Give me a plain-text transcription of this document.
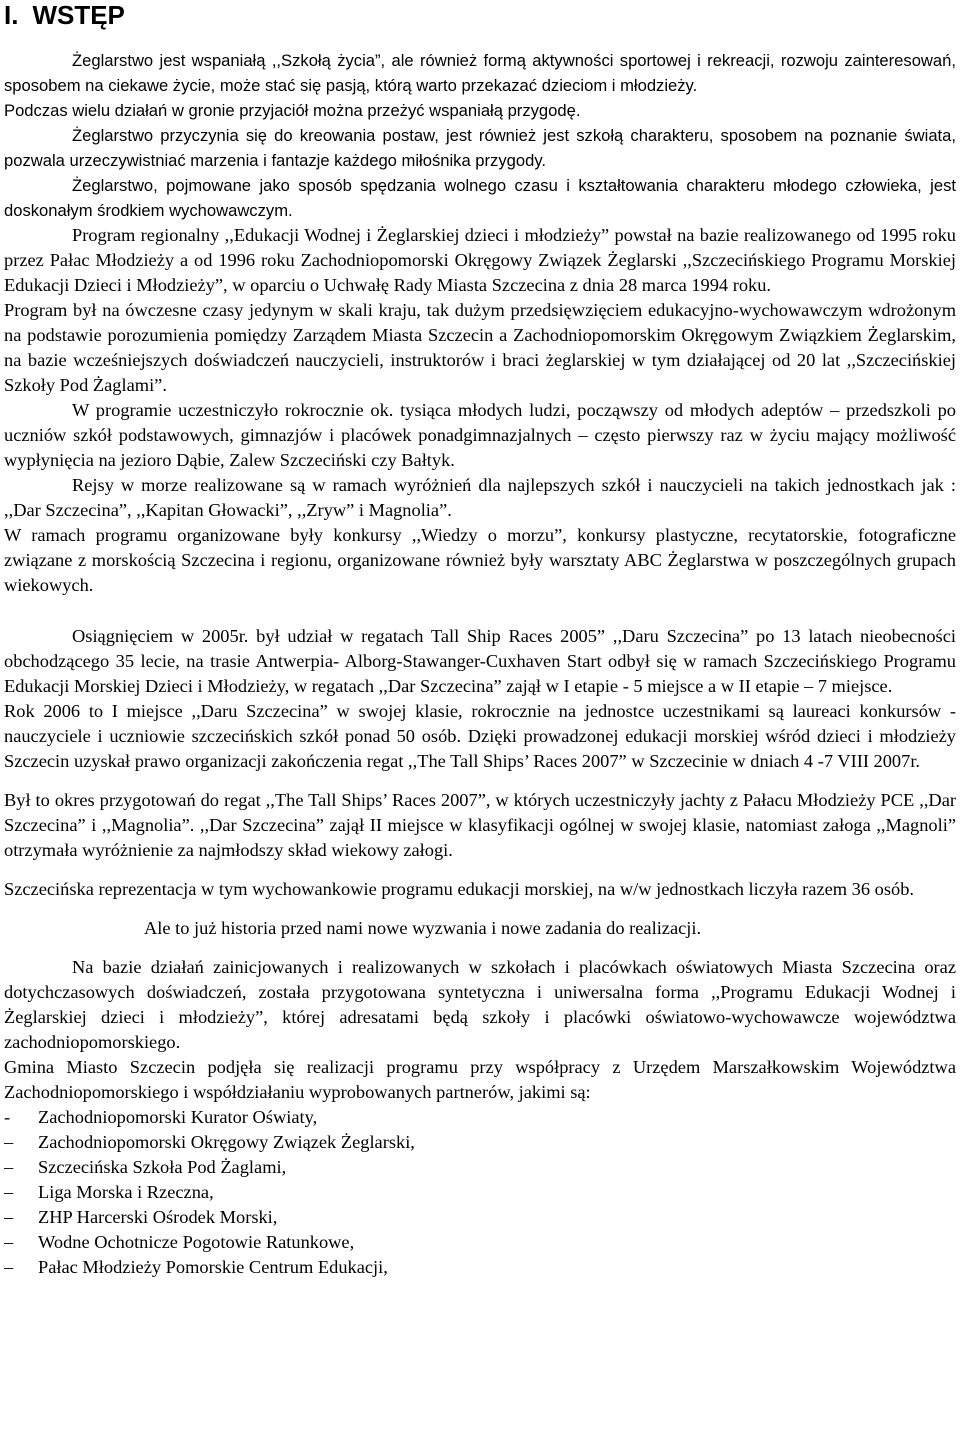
I. WSTĘP

Żeglarstwo jest wspaniałą ,,Szkołą życia”, ale również formą aktywności sportowej i rekreacji, rozwoju zainteresowań, sposobem na ciekawe życie, może stać się pasją, którą warto przekazać dzieciom i młodzieży.

Podczas wielu działań w gronie przyjaciół można przeżyć wspaniałą przygodę.

Żeglarstwo przyczynia się do kreowania postaw, jest również jest szkołą charakteru, sposobem na poznanie świata, pozwala urzeczywistniać marzenia i fantazje każdego miłośnika przygody.

Żeglarstwo, pojmowane jako sposób spędzania wolnego czasu i kształtowania charakteru młodego człowieka, jest doskonałym środkiem wychowawczym.

Program regionalny ,,Edukacji Wodnej i Żeglarskiej dzieci i młodzieży” powstał na bazie realizowanego od 1995 roku przez Pałac Młodzieży a od 1996 roku Zachodniopomorski Okręgowy Związek Żeglarski ,,Szczecińskiego Programu Morskiej Edukacji Dzieci i Młodzieży”, w oparciu o Uchwałę Rady Miasta Szczecina z dnia 28 marca 1994 roku.

Program był na ówczesne czasy jedynym w skali kraju, tak dużym przedsięwzięciem edukacyjno-wychowawczym wdrożonym na podstawie porozumienia pomiędzy Zarządem Miasta Szczecin a Zachodniopomorskim Okręgowym Związkiem Żeglarskim, na bazie wcześniejszych doświadczeń nauczycieli, instruktorów i braci żeglarskiej w tym działającej od 20 lat ,,Szczecińskiej Szkoły Pod Żaglami”.

W programie uczestniczyło rokrocznie ok. tysiąca młodych ludzi, począwszy od młodych adeptów – przedszkoli po uczniów szkół podstawowych, gimnazjów i placówek ponadgimnazjalnych – często pierwszy raz w życiu mający możliwość wypłynięcia na jezioro Dąbie, Zalew Szczeciński czy Bałtyk.

Rejsy w morze realizowane są w ramach wyróżnień dla najlepszych szkół i nauczycieli na takich jednostkach jak : ,,Dar Szczecina”, ,,Kapitan Głowacki”, ,,Zryw” i Magnolia”.

W ramach programu organizowane były konkursy ,,Wiedzy o morzu”, konkursy plastyczne, recytatorskie, fotograficzne związane z morskością Szczecina i regionu, organizowane również były warsztaty ABC Żeglarstwa w poszczególnych grupach wiekowych.

Osiągnięciem w 2005r. był udział w regatach Tall Ship Races 2005” ,,Daru Szczecina” po 13 latach nieobecności obchodzącego 35 lecie, na trasie Antwerpia- Alborg-Stawanger-Cuxhaven Start odbył się w ramach Szczecińskiego Programu Edukacji Morskiej Dzieci i Młodzieży, w regatach ,,Dar Szczecina” zajął w I etapie - 5 miejsce a w II etapie – 7 miejsce.

Rok 2006 to I miejsce ,,Daru Szczecina” w swojej klasie, rokrocznie na jednostce uczestnikami są laureaci konkursów - nauczyciele i uczniowie szczecińskich szkół ponad 50 osób. Dzięki prowadzonej edukacji morskiej wśród dzieci i młodzieży Szczecin uzyskał prawo organizacji zakończenia regat ,,The Tall Ships’ Races 2007” w Szczecinie w dniach 4 -7 VIII 2007r.

Był to okres przygotowań do regat ,,The Tall Ships’ Races 2007”, w których uczestniczyły jachty z Pałacu Młodzieży PCE ,,Dar Szczecina” i ,,Magnolia”. ,,Dar Szczecina” zajął II miejsce w klasyfikacji ogólnej w swojej klasie, natomiast załoga ,,Magnoli” otrzymała wyróżnienie za najmłodszy skład wiekowy załogi.

Szczecińska reprezentacja w tym wychowankowie programu edukacji morskiej, na w/w jednostkach liczyła razem 36 osób.

Ale to już historia przed nami nowe wyzwania i nowe zadania do realizacji.

Na bazie działań zainicjowanych i realizowanych w szkołach i placówkach oświatowych Miasta Szczecina oraz dotychczasowych doświadczeń, została przygotowana syntetyczna i uniwersalna forma ,,Programu Edukacji Wodnej i Żeglarskiej dzieci i młodzieży”, której adresatami będą szkoły i placówki oświatowo-wychowawcze województwa zachodniopomorskiego.

Gmina Miasto Szczecin podjęła się realizacji programu przy współpracy z Urzędem Marszałkowskim Województwa Zachodniopomorskiego i współdziałaniu wyprobowanych partnerów, jakimi są:

-	Zachodniopomorski Kurator Oświaty,
–	Zachodniopomorski Okręgowy Związek Żeglarski,
–	Szczecińska Szkoła Pod Żaglami,
–	Liga Morska i Rzeczna,
–	ZHP Harcerski Ośrodek Morski,
–	Wodne Ochotnicze Pogotowie Ratunkowe,
–	Pałac Młodzieży Pomorskie Centrum Edukacji,
